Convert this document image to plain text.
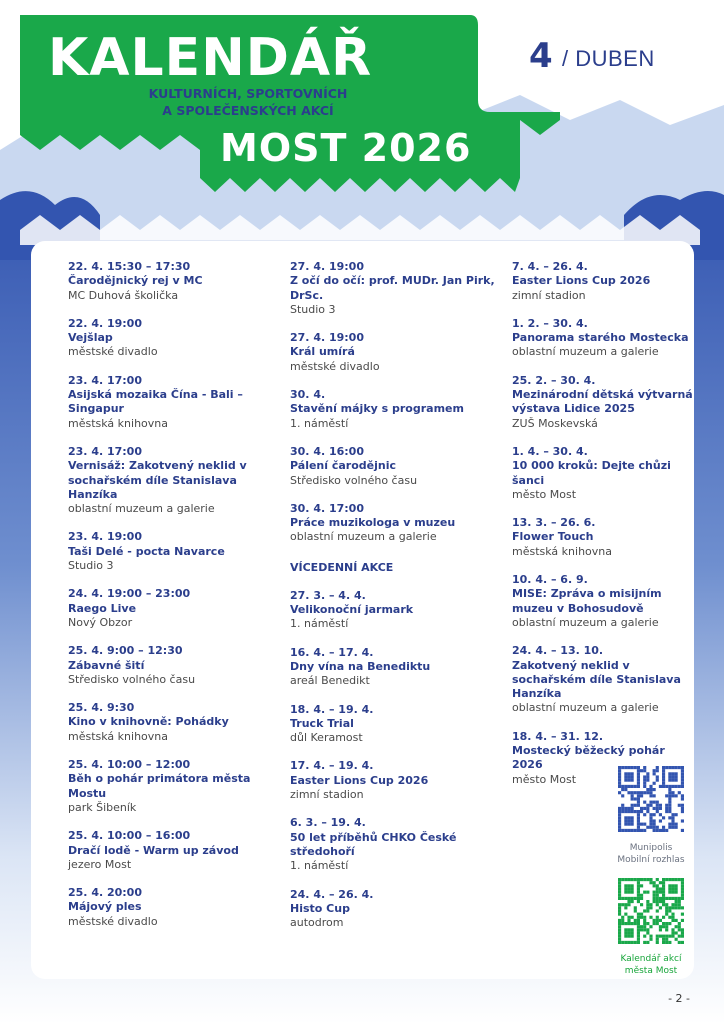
KALENDÁŘ
KULTURNÍCH, SPORTOVNÍCH
A SPOLEČENSKÝCH AKCÍ
MOST 2026
4 / DUBEN
22. 4. 15:30 – 17:30
Čarodějnický rej v MC
MC Duhová školička
22. 4. 19:00
Vejšlap
městské divadlo
23. 4. 17:00
Asijská mozaika Čína - Bali – Singapur
městská knihovna
23. 4. 17:00
Vernisáž: Zakotvený neklid v sochařském díle Stanislava Hanzíka
oblastní muzeum a galerie
23. 4. 19:00
Taši Delé - pocta Navarce
Studio 3
24. 4. 19:00 – 23:00
Raego Live
Nový Obzor
25. 4. 9:00 – 12:30
Zábavné šití
Středisko volného času
25. 4. 9:30
Kino v knihovně: Pohádky
městská knihovna
25. 4. 10:00 – 12:00
Běh o pohár primátora města Mostu
park Šibeník
25. 4. 10:00 – 16:00
Dračí lodě - Warm up závod
jezero Most
25. 4. 20:00
Májový ples
městské divadlo
27. 4. 19:00
Z očí do očí: prof. MUDr. Jan Pirk, DrSc.
Studio 3
27. 4. 19:00
Král umírá
městské divadlo
30. 4.
Stavění májky s programem
1. náměstí
30. 4. 16:00
Pálení čarodějnic
Středisko volného času
30. 4. 17:00
Práce muzikologa v muzeu
oblastní muzeum a galerie
VÍCEDENNÍ AKCE
27. 3. – 4. 4.
Velikonoční jarmark
1. náměstí
16. 4. – 17. 4.
Dny vína na Benediktu
areál Benedikt
18. 4. – 19. 4.
Truck Trial
důl Keramost
17. 4. – 19. 4.
Easter Lions Cup 2026
zimní stadion
6. 3. – 19. 4.
50 let příběhů CHKO České středohoří
1. náměstí
24. 4. – 26. 4.
Histo Cup
autodrom
7. 4. – 26. 4.
Easter Lions Cup 2026
zimní stadion
1. 2. – 30. 4.
Panorama starého Mostecka
oblastní muzeum a galerie
25. 2. – 30. 4.
Mezinárodní dětská výtvarná výstava Lidice 2025
ZUŠ Moskevská
1. 4. – 30. 4.
10 000 kroků: Dejte chůzi šanci
město Most
13. 3. – 26. 6.
Flower Touch
městská knihovna
10. 4. – 6. 9.
MISE: Zpráva o misijním muzeu v Bohosudově
oblastní muzeum a galerie
24. 4. – 13. 10.
Zakotvený neklid v sochařském díle Stanislava Hanzíka
oblastní muzeum a galerie
18. 4. – 31. 12.
Mostecký běžecký pohár 2026
město Most
Munipolis
Mobilní rozhlas
Kalendář akcí
města Most
- 2 -
